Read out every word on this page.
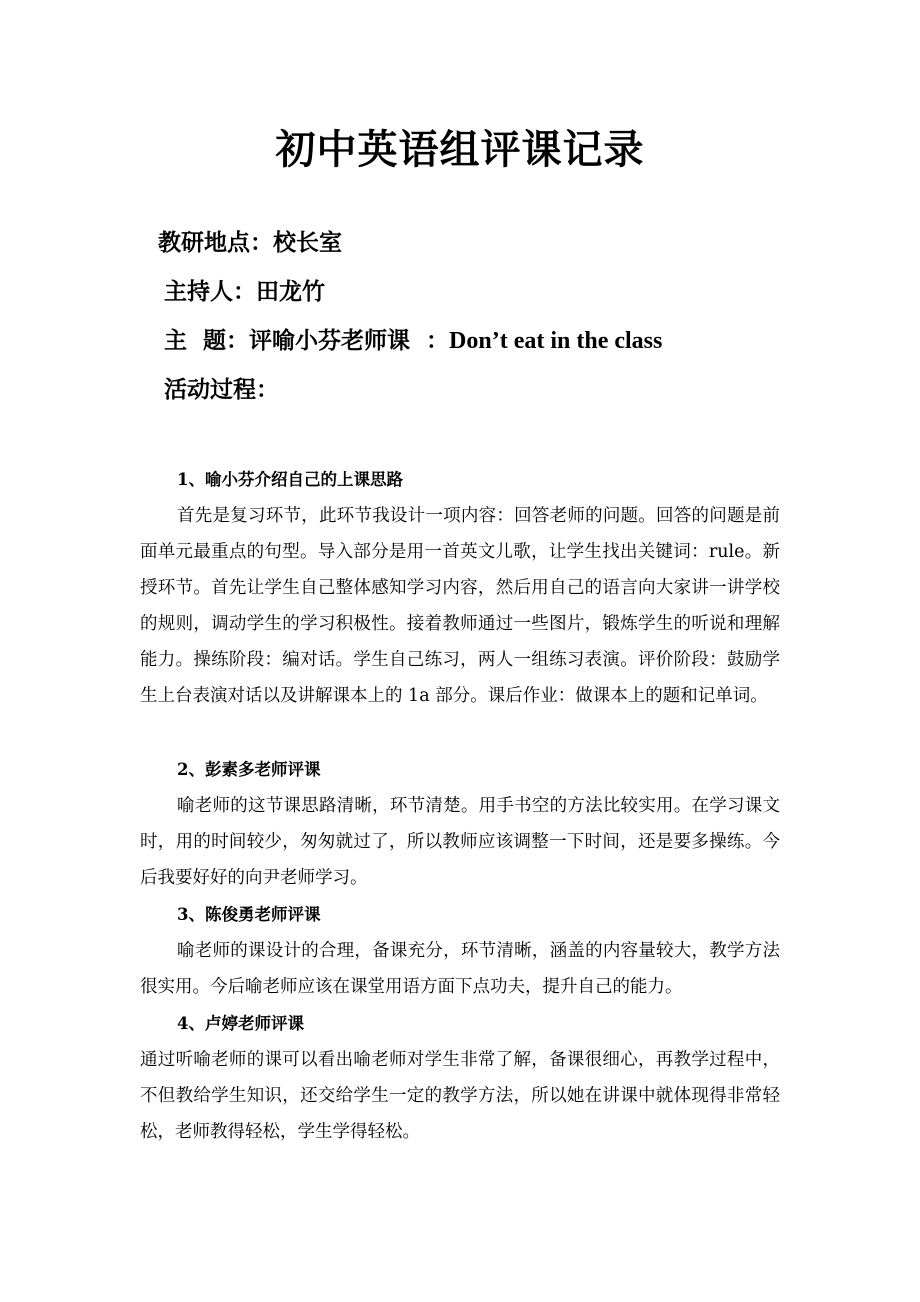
初中英语组评课记录
教研地点：校长室
主持人：田龙竹
主  题：评喻小芬老师课  ：Don’t eat in the class
活动过程：
1、喻小芬介绍自己的上课思路
首先是复习环节，此环节我设计一项内容：回答老师的问题。回答的问题是前面单元最重点的句型。导入部分是用一首英文儿歌，让学生找出关键词：rule。新授环节。首先让学生自己整体感知学习内容，然后用自己的语言向大家讲一讲学校的规则，调动学生的学习积极性。接着教师通过一些图片，锻炼学生的听说和理解能力。操练阶段：编对话。学生自己练习，两人一组练习表演。评价阶段：鼓励学生上台表演对话以及讲解课本上的 1a 部分。课后作业：做课本上的题和记单词。
2、彭素多老师评课
喻老师的这节课思路清晰，环节清楚。用手书空的方法比较实用。在学习课文时，用的时间较少，匆匆就过了，所以教师应该调整一下时间，还是要多操练。今后我要好好的向尹老师学习。
3、陈俊勇老师评课
喻老师的课设计的合理，备课充分，环节清晰，涵盖的内容量较大，教学方法很实用。今后喻老师应该在课堂用语方面下点功夫，提升自己的能力。
4、卢婷老师评课
通过听喻老师的课可以看出喻老师对学生非常了解，备课很细心，再教学过程中，不但教给学生知识，还交给学生一定的教学方法，所以她在讲课中就体现得非常轻松，老师教得轻松，学生学得轻松。
